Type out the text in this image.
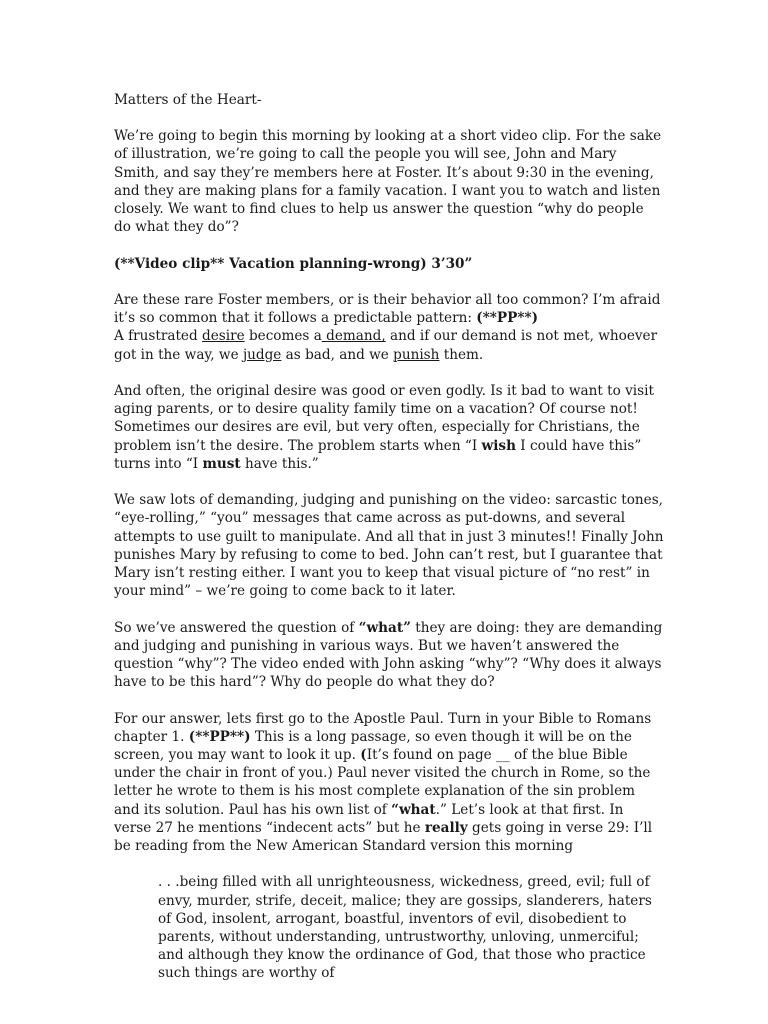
Matters of the Heart-

We’re going to begin this morning by looking at a short video clip. For the sake of illustration, we’re going to call the people you will see, John and Mary Smith, and say they’re members here at Foster. It’s about 9:30 in the evening, and they are making plans for a family vacation. I want you to watch and listen closely. We want to find clues to help us answer the question “why do people do what they do”?

(**Video clip** Vacation planning-wrong) 3’30”

Are these rare Foster members, or is their behavior all too common? I’m afraid it’s so common that it follows a predictable pattern: (**PP**)
A frustrated desire becomes a demand, and if our demand is not met, whoever got in the way, we judge as bad, and we punish them.

And often, the original desire was good or even godly. Is it bad to want to visit aging parents, or to desire quality family time on a vacation? Of course not! Sometimes our desires are evil, but very often, especially for Christians, the problem isn’t the desire. The problem starts when “I wish I could have this” turns into “I must have this.”

We saw lots of demanding, judging and punishing on the video: sarcastic tones, “eye-rolling,” “you” messages that came across as put-downs, and several attempts to use guilt to manipulate. And all that in just 3 minutes!! Finally John punishes Mary by refusing to come to bed. John can’t rest, but I guarantee that Mary isn’t resting either. I want you to keep that visual picture of “no rest” in your mind” – we’re going to come back to it later.

So we’ve answered the question of “what” they are doing: they are demanding and judging and punishing in various ways. But we haven’t answered the question “why”? The video ended with John asking “why”? “Why does it always have to be this hard”? Why do people do what they do?

For our answer, lets first go to the Apostle Paul. Turn in your Bible to Romans chapter 1. (**PP**) This is a long passage, so even though it will be on the screen, you may want to look it up. (It’s found on page __ of the blue Bible under the chair in front of you.) Paul never visited the church in Rome, so the letter he wrote to them is his most complete explanation of the sin problem and its solution. Paul has his own list of “what.” Let’s look at that first. In verse 27 he mentions “indecent acts” but he really gets going in verse 29: I’ll be reading from the New American Standard version this morning

. . .being filled with all unrighteousness, wickedness, greed, evil; full of envy, murder, strife, deceit, malice; they are gossips, slanderers, haters of God, insolent, arrogant, boastful, inventors of evil, disobedient to parents, without understanding, untrustworthy, unloving, unmerciful; and although they know the ordinance of God, that those who practice such things are worthy of
